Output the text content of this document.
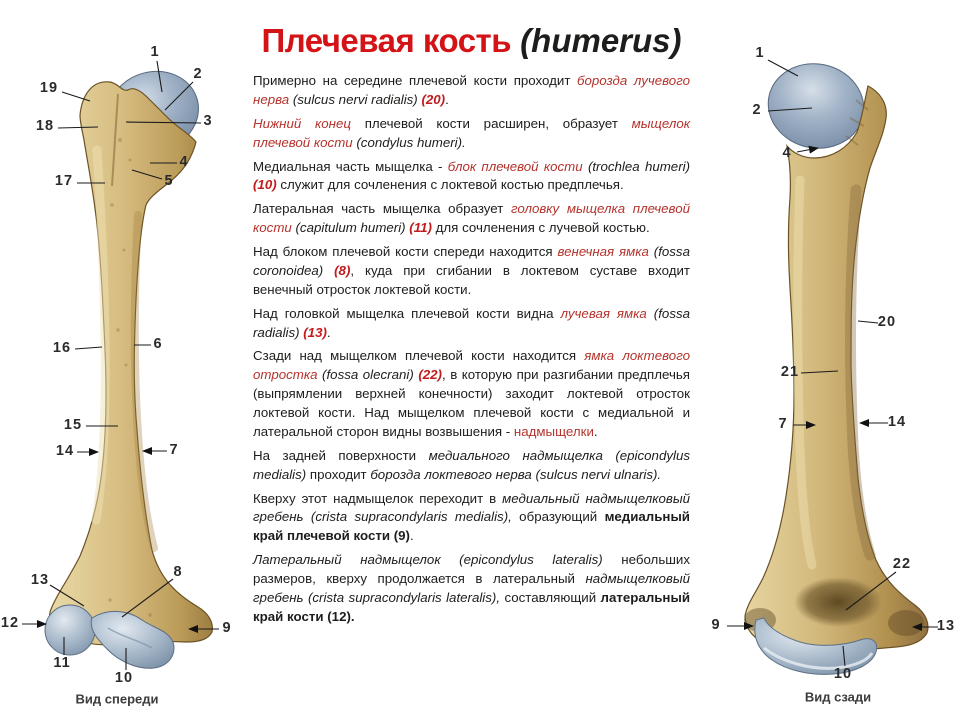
1
2
19
18	3
4
17	5
16	6
15
14	7
13	8
12	9
11
10
1
2
4
20
21
7	14
22
9	13
10
Плечевая кость (humerus)

Примерно на середине плечевой кости проходит борозда лучевого нерва (sulcus nervi radialis) (20).

Нижний конец плечевой кости расширен, образует мыщелок плечевой кости (condylus humeri).

Медиальная часть мыщелка - блок плечевой кости (trochlea humeri) (10) служит для сочленения с локтевой костью предплечья.

Латеральная часть мыщелка образует головку мыщелка плечевой кости (capitulum humeri) (11) для сочленения с лучевой костью.

Над блоком плечевой кости спереди находится венечная ямка (fossa coronoidea) (8), куда при сгибании в локтевом суставе входит венечный отросток локтевой кости.

Над головкой мыщелка плечевой кости видна лучевая ямка (fossa radialis) (13).

Сзади над мыщелком плечевой кости находится ямка локтевого отростка (fossa olecrani) (22), в которую при разгибании предплечья (выпрямлении верхней конечности) заходит локтевой отросток локтевой кости. Над мыщелком плечевой кости с медиальной и латеральной сторон видны возвышения - надмыщелки.

На задней поверхности медиального надмыщелка (epicondylus medialis) проходит борозда локтевого нерва (sulcus nervi ulnaris).

Кверху этот надмыщелок переходит в медиальный надмыщелковый гребень (crista supracondylaris medialis), образующий медиальный край плечевой кости (9).

Латеральный надмыщелок (epicondylus lateralis) небольших размеров, кверху продолжается в латеральный надмыщелковый гребень (crista supracondylaris lateralis), составляющий латеральный край кости (12).

Вид спереди	Вид сзади
